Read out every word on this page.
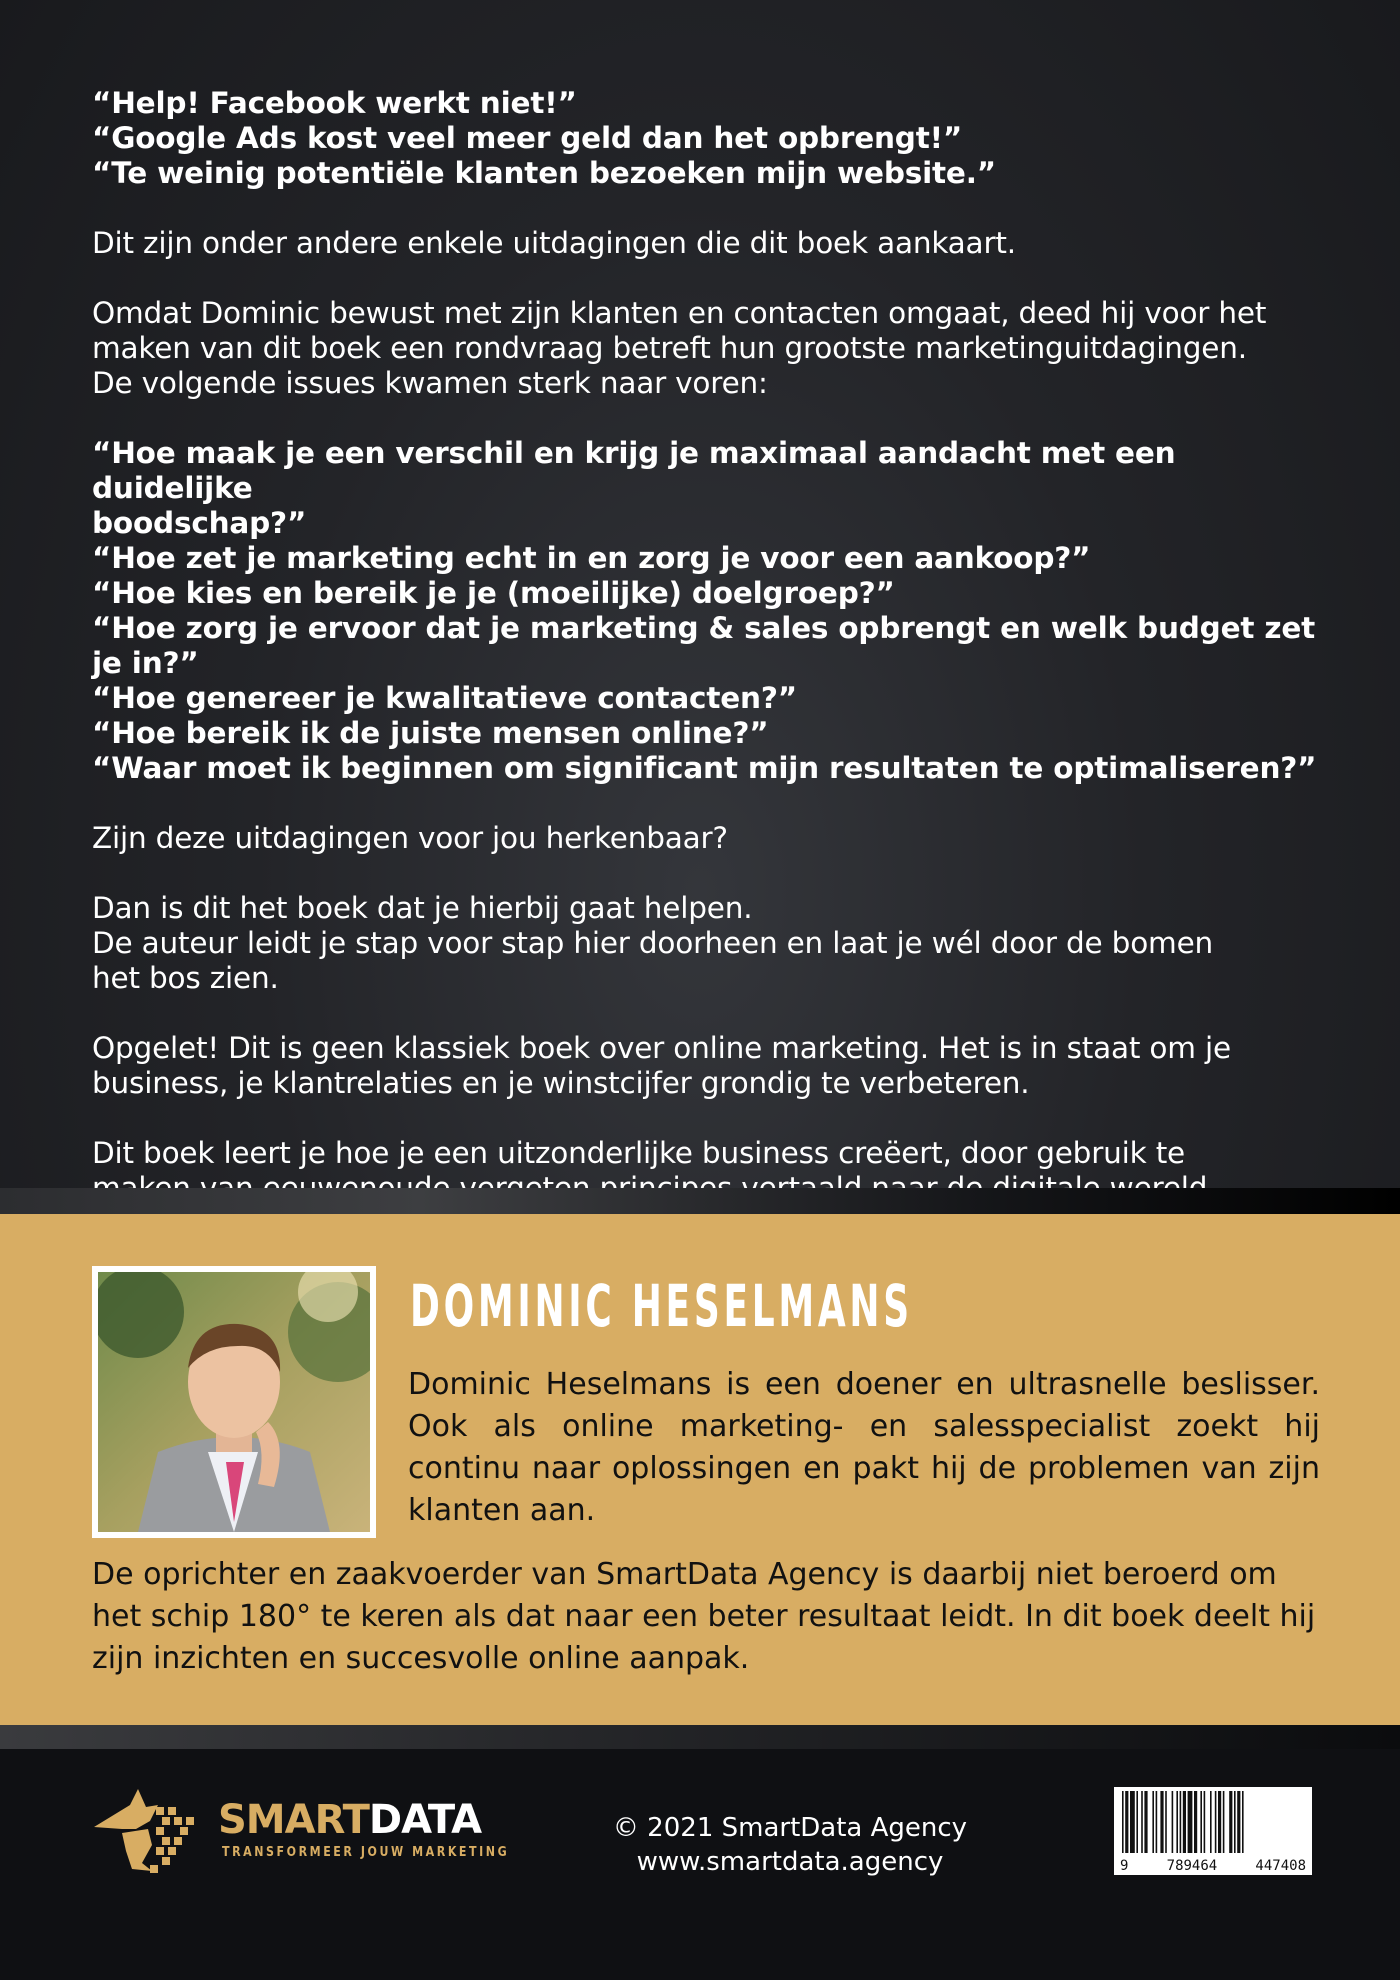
“Help! Facebook werkt niet!”
“Google Ads kost veel meer geld dan het opbrengt!”
“Te weinig potentiële klanten bezoeken mijn website.”

Dit zijn onder andere enkele uitdagingen die dit boek aankaart.

Omdat Dominic bewust met zijn klanten en contacten omgaat, deed hij voor het
maken van dit boek een rondvraag betreft hun grootste marketinguitdagingen.
De volgende issues kwamen sterk naar voren:

“Hoe maak je een verschil en krijg je maximaal aandacht met een duidelijke
boodschap?”
“Hoe zet je marketing echt in en zorg je voor een aankoop?”
“Hoe kies en bereik je je (moeilijke) doelgroep?”
“Hoe zorg je ervoor dat je marketing & sales opbrengt en welk budget zet je in?”
“Hoe genereer je kwalitatieve contacten?”
“Hoe bereik ik de juiste mensen online?”
“Waar moet ik beginnen om significant mijn resultaten te optimaliseren?”

Zijn deze uitdagingen voor jou herkenbaar?

Dan is dit het boek dat je hierbij gaat helpen.
De auteur leidt je stap voor stap hier doorheen en laat je wél door de bomen
het bos zien.

Opgelet! Dit is geen klassiek boek over online marketing. Het is in staat om je
business, je klantrelaties en je winstcijfer grondig te verbeteren.

Dit boek leert je hoe je een uitzonderlijke business creëert, door gebruik te

DOMINIC HESELMANS
Dominic Heselmans is een doener en ultrasnelle beslisser. Ook als online marketing- en salesspecialist zoekt hij continu naar oplossingen en pakt hij de problemen van zijn klanten aan.
De oprichter en zaakvoerder van SmartData Agency is daarbij niet beroerd om het schip 180° te keren als dat naar een beter resultaat leidt. In dit boek deelt hij zijn inzichten en succesvolle online aanpak.
SMARTDATA
TRANSFORMEER JOUW MARKETING
© 2021 SmartData Agency
www.smartdata.agency	9	789464	447408
